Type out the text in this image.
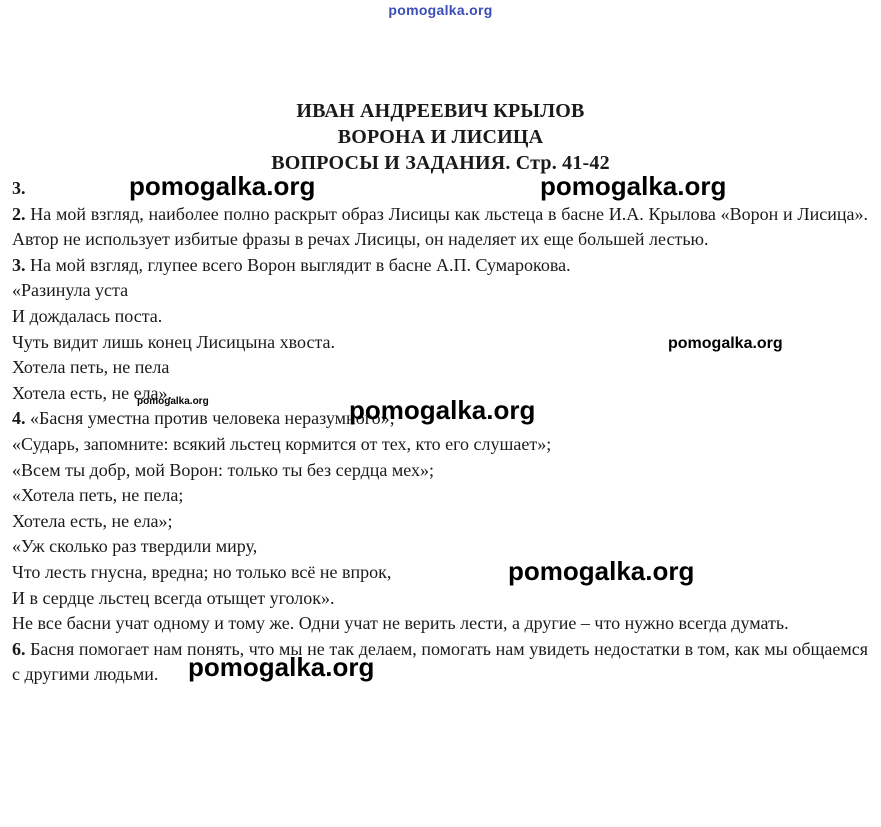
pomogalka.org
ИВАН АНДРЕЕВИЧ КРЫЛОВ
ВОРОНА И ЛИСИЦА
ВОПРОСЫ И ЗАДАНИЯ. Стр. 41-42

3.

2. На мой взгляд, наиболее полно раскрыт образ Лисицы как льстеца в басне И.А. Крылова «Ворон и Лисица». Автор не использует избитые фразы в речах Лисицы, он наделяет их еще большей лестью.

3. На мой взгляд, глупее всего Ворон выглядит в басне А.П. Сумарокова.

«Разинула уста

И дождалась поста.

Чуть видит лишь конец Лисицына хвоста.

Хотела петь, не пела

Хотела есть, не ела».

4. «Басня уместна против человека неразумного»;

«Сударь, запомните: всякий льстец кормится от тех, кто его слушает»;

«Всем ты добр, мой Ворон: только ты без сердца мех»;

«Хотела петь, не пела;

Хотела есть, не ела»;

«Уж сколько раз твердили миру,

Что лесть гнусна, вредна; но только всё не впрок,

И в сердце льстец всегда отыщет уголок».

Не все басни учат одному и тому же. Одни учат не верить лести, а другие – что нужно всегда думать.

6. Басня помогает нам понять, что мы не так делаем, помогать нам увидеть недостатки в том, как мы общаемся с другими людьми.

pomogalka.org	pomogalka.org
pomogalka.org
pomogalka.org	pomogalka.org
pomogalka.org
pomogalka.org
